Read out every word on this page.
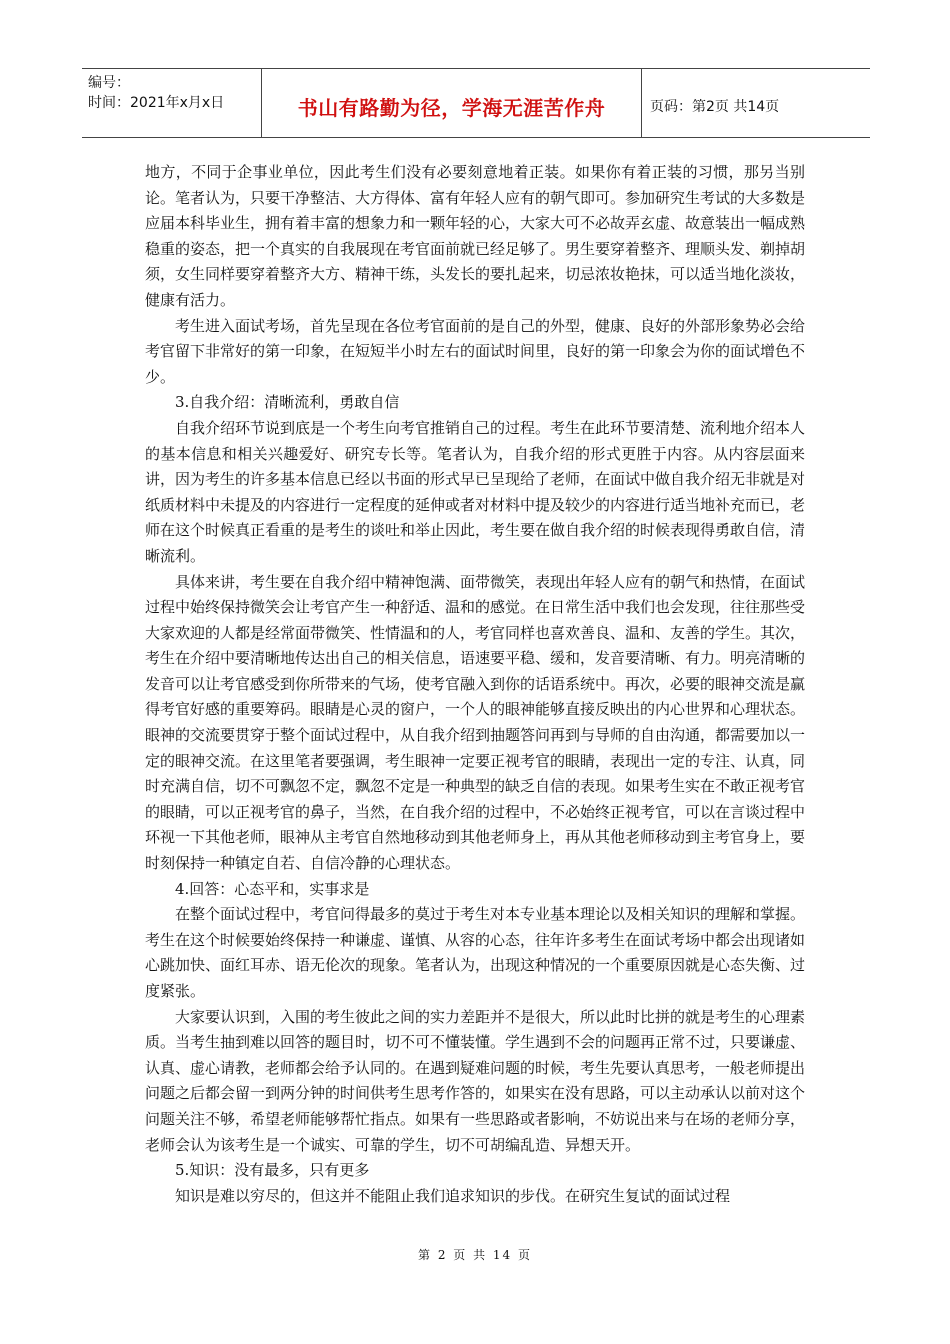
编号：
时间：2021年x月x日	书山有路勤为径，学海无涯苦作舟	页码：第2页 共14页

地方，不同于企事业单位，因此考生们没有必要刻意地着正装。如果你有着正装的习惯，那另当别论。笔者认为，只要干净整洁、大方得体、富有年轻人应有的朝气即可。参加研究生考试的大多数是应届本科毕业生，拥有着丰富的想象力和一颗年轻的心，大家大可不必故弄玄虚、故意装出一幅成熟稳重的姿态，把一个真实的自我展现在考官面前就已经足够了。男生要穿着整齐、理顺头发、剃掉胡须，女生同样要穿着整齐大方、精神干练，头发长的要扎起来，切忌浓妆艳抹，可以适当地化淡妆，健康有活力。

考生进入面试考场，首先呈现在各位考官面前的是自己的外型，健康、良好的外部形象势必会给考官留下非常好的第一印象，在短短半小时左右的面试时间里，良好的第一印象会为你的面试增色不少。

3.自我介绍：清晰流利，勇敢自信

自我介绍环节说到底是一个考生向考官推销自己的过程。考生在此环节要清楚、流利地介绍本人的基本信息和相关兴趣爱好、研究专长等。笔者认为，自我介绍的形式更胜于内容。从内容层面来讲，因为考生的许多基本信息已经以书面的形式早已呈现给了老师，在面试中做自我介绍无非就是对纸质材料中未提及的内容进行一定程度的延伸或者对材料中提及较少的内容进行适当地补充而已，老师在这个时候真正看重的是考生的谈吐和举止因此，考生要在做自我介绍的时候表现得勇敢自信，清晰流利。

具体来讲，考生要在自我介绍中精神饱满、面带微笑，表现出年轻人应有的朝气和热情，在面试过程中始终保持微笑会让考官产生一种舒适、温和的感觉。在日常生活中我们也会发现，往往那些受大家欢迎的人都是经常面带微笑、性情温和的人，考官同样也喜欢善良、温和、友善的学生。其次，考生在介绍中要清晰地传达出自己的相关信息，语速要平稳、缓和，发音要清晰、有力。明亮清晰的发音可以让考官感受到你所带来的气场，使考官融入到你的话语系统中。再次，必要的眼神交流是赢得考官好感的重要筹码。眼睛是心灵的窗户，一个人的眼神能够直接反映出的内心世界和心理状态。眼神的交流要贯穿于整个面试过程中，从自我介绍到抽题答问再到与导师的自由沟通，都需要加以一定的眼神交流。在这里笔者要强调，考生眼神一定要正视考官的眼睛，表现出一定的专注、认真，同时充满自信，切不可飘忽不定，飘忽不定是一种典型的缺乏自信的表现。如果考生实在不敢正视考官的眼睛，可以正视考官的鼻子，当然，在自我介绍的过程中，不必始终正视考官，可以在言谈过程中环视一下其他老师，眼神从主考官自然地移动到其他老师身上，再从其他老师移动到主考官身上，要时刻保持一种镇定自若、自信冷静的心理状态。

4.回答：心态平和，实事求是

在整个面试过程中，考官问得最多的莫过于考生对本专业基本理论以及相关知识的理解和掌握。考生在这个时候要始终保持一种谦虚、谨慎、从容的心态，往年许多考生在面试考场中都会出现诸如心跳加快、面红耳赤、语无伦次的现象。笔者认为，出现这种情况的一个重要原因就是心态失衡、过度紧张。

大家要认识到，入围的考生彼此之间的实力差距并不是很大，所以此时比拼的就是考生的心理素质。当考生抽到难以回答的题目时，切不可不懂装懂。学生遇到不会的问题再正常不过，只要谦虚、认真、虚心请教，老师都会给予认同的。在遇到疑难问题的时候，考生先要认真思考，一般老师提出问题之后都会留一到两分钟的时间供考生思考作答的，如果实在没有思路，可以主动承认以前对这个问题关注不够，希望老师能够帮忙指点。如果有一些思路或者影响，不妨说出来与在场的老师分享，老师会认为该考生是一个诚实、可靠的学生，切不可胡编乱造、异想天开。

5.知识：没有最多，只有更多

知识是难以穷尽的，但这并不能阻止我们追求知识的步伐。在研究生复试的面试过程

第 2 页 共 14 页
